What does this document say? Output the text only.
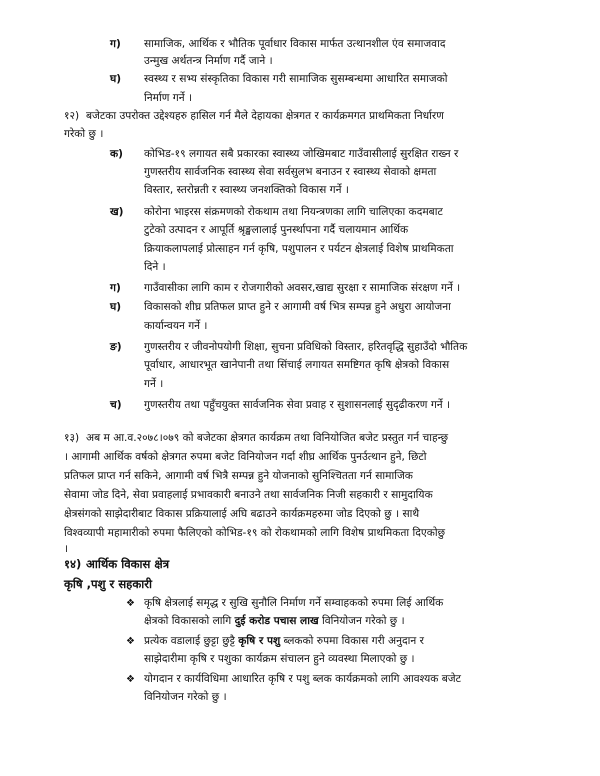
ग) सामाजिक, आर्थिक र भौतिक पूर्वाधार विकास मार्फत उत्थानशील एंव समाजवाद
उन्मुख अर्थतन्त्र निर्माण गर्दै जाने ।
घ) स्वस्थ्य र सभ्य संस्कृतिका विकास गरी सामाजिक सुसम्बन्धमा आधारित समाजको
निर्माण गर्ने ।
१२) बजेटका उपरोक्त उद्देश्यहरु हासिल गर्न मैले देहायका क्षेत्रगत र कार्यक्रमगत प्राथमिकता निर्धारण
गरेको छु ।
क) कोभिड-१९ लगायत सबै प्रकारका स्वास्थ्य जोखिमबाट गाउँवासीलाई सुरक्षित राख्न र
गुणस्तरीय सार्वजनिक स्वास्थ्य सेवा सर्वसुलभ बनाउन र स्वास्थ्य सेवाको क्षमता
विस्तार, स्तरोन्नती र स्वास्थ्य जनशक्तिको विकास गर्ने ।
ख) कोरोना भाइरस संक्रमणको रोकथाम तथा नियन्त्रणका लागि चालिएका कदमबाट
टुटेको उत्पादन र आपूर्ति श्रृङ्खलालाई पुनर्स्थापना गर्दै चलायमान आर्थिक
क्रियाकलापलाई प्रोत्साहन गर्न कृषि, पशुपालन र पर्यटन क्षेत्रलाई विशेष प्राथमिकता
दिने ।
ग) गाउँवासीका लागि काम र रोजगारीको अवसर,खाद्य सुरक्षा र सामाजिक संरक्षण गर्ने ।
घ) विकासको शीघ्र प्रतिफल प्राप्त हुने र आगामी वर्ष भित्र सम्पन्न हुने अधुरा आयोजना
कार्यान्वयन गर्ने ।
ङ) गुणस्तरीय र जीवनोपयोगी शिक्षा, सुचना प्रविधिको विस्तार, हरितवृद्धि सुहाउँदो भौतिक
पूर्वाधार, आधारभूत खानेपानी तथा सिंचाई लगायत समष्टिगत कृषि क्षेत्रको विकास
गर्ने ।
च) गुणस्तरीय तथा पहुँचयुक्त सार्वजनिक सेवा प्रवाह र सुशासनलाई सुदृढीकरण गर्ने ।
१३) अब म आ.व.२०७८।०७९ को बजेटका क्षेत्रगत कार्यक्रम तथा विनियोजित बजेट प्रस्तुत गर्न चाहन्छु
। आगामी आर्थिक वर्षको क्षेत्रगत रुपमा बजेट विनियोजन गर्दा शीघ्र आर्थिक पुनर्उत्थान हुने, छिटो
प्रतिफल प्राप्त गर्न सकिने, आगामी वर्ष भित्रै सम्पन्न हुने योजनाको सुनिश्चितता गर्न सामाजिक
सेवामा जोड दिने, सेवा प्रवाहलाई प्रभावकारी बनाउने तथा सार्वजनिक निजी सहकारी र सामुदायिक
क्षेत्रसंगको साझेदारीबाट विकास प्रक्रियालाई अघि बढाउने कार्यक्रमहरुमा जोड दिएको छु । साथै
विश्वव्यापी महामारीको रुपमा फैलिएको कोभिड-१९ को रोकथामको लागि विशेष प्राथमिकता दिएकोछु
।
१४) आर्थिक विकास क्षेत्र
कृषि ,पशु र सहकारी
❖ कृषि क्षेत्रलाई समृद्ध र सुखि सुनौलि निर्माण गर्ने सम्वाहकको रुपमा लिई आर्थिक
क्षेत्रको विकासको लागि दुई करोड पचास लाख विनियोजन गरेको छु ।
❖ प्रत्येक वडालाई छुट्टा छुट्टै कृषि र पशु ब्लकको रुपमा विकास गरी अनुदान र
साझेदारीमा कृषि र पशुका कार्यक्रम संचालन हुने व्यवस्था मिलाएको छु ।
❖ योगदान र कार्यविधिमा आधारित कृषि र पशु ब्लक कार्यक्रमको लागि आवश्यक बजेट
विनियोजन गरेको छु ।
